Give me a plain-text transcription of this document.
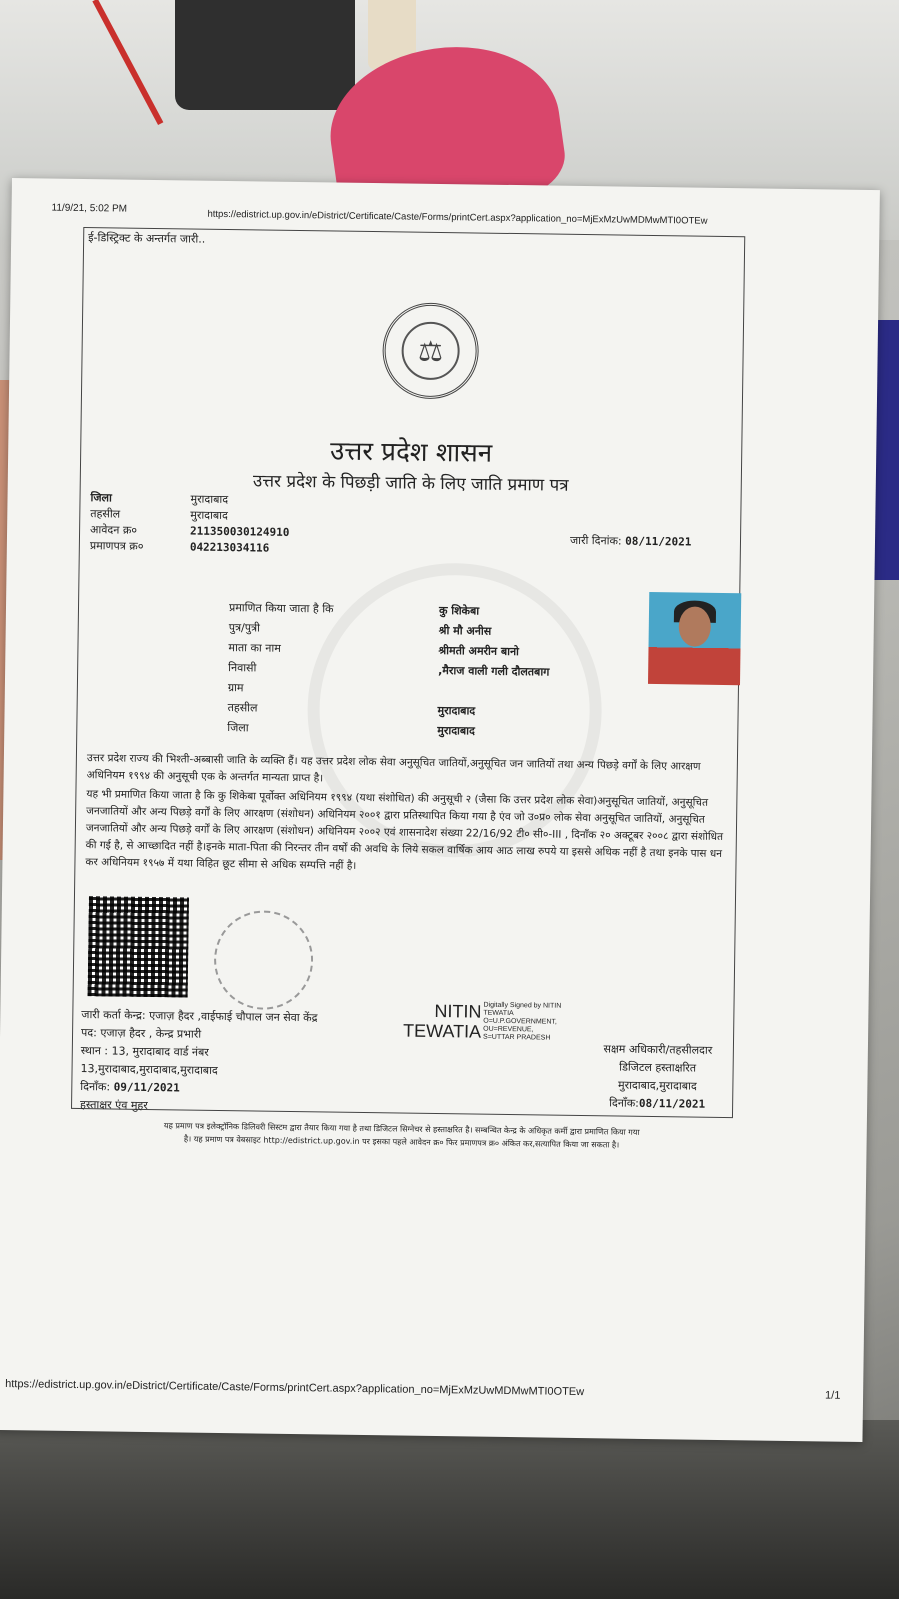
11/9/21, 5:02 PM
https://edistrict.up.gov.in/eDistrict/Certificate/Caste/Forms/printCert.aspx?application_no=MjExMzUwMDMwMTI0OTEw
ई-डिस्ट्रिक्ट के अन्तर्गत जारी..
⚖
उत्तर प्रदेश शासन
उत्तर प्रदेश के पिछड़ी जाति के लिए जाति प्रमाण पत्र
जिला	मुरादाबाद
तहसील	मुरादाबाद
आवेदन क्र०	211350030124910
प्रमाणपत्र क्र०	042213034116	जारी दिनांक: 08/11/2021
प्रमाणित किया जाता है कि	कु शिकेबा
पुत्र/पुत्री	श्री मौ अनीस
माता का नाम	श्रीमती अमरीन बानो
निवासी	,मैराज वाली गली दौलतबाग
ग्राम
तहसील	मुरादाबाद
जिला	मुरादाबाद

उत्तर प्रदेश राज्य की भिश्ती-अब्बासी जाति के व्यक्ति हैं। यह उत्तर प्रदेश लोक सेवा अनुसूचित जातियों,अनुसूचित जन जातियों तथा अन्य पिछड़े वर्गों के लिए आरक्षण अधिनियम १९९४ की अनुसूची एक के अन्तर्गत मान्यता प्राप्त है।

यह भी प्रमाणित किया जाता है कि कु शिकेबा पूर्वोक्त अधिनियम १९९४ (यथा संशोधित) की अनुसूची २ (जैसा कि उत्तर प्रदेश लोक सेवा)अनुसूचित जातियों, अनुसूचित जनजातियों और अन्य पिछड़े वर्गों के लिए आरक्षण (संशोधन) अधिनियम २००१ द्वारा प्रतिस्थापित किया गया है एंव जो उ०प्र० लोक सेवा अनुसूचित जातियों, अनुसूचित जनजातियों और अन्य पिछड़े वर्गों के लिए आरक्षण (संशोधन) अधिनियम २००२ एवं शासनादेश संख्या 22/16/92 टी० सी०-III , दिनाँक २० अक्टूबर २००८ द्वारा संशोधित की गई है, से आच्छादित नहीं है।इनके माता-पिता की निरन्तर तीन वर्षों की अवधि के लिये सकल वार्षिक आय आठ लाख रुपये या इससे अधिक नहीं है तथा इनके पास धन कर अधिनियम १९५७ में यथा विहित छूट सीमा से अधिक सम्पत्ति नहीं है।

जारी कर्ता केन्द्र: एजाज़ हैदर ,वाईफाई चौपाल जन सेवा केंद्र
पद: एजाज़ हैदर , केन्द्र प्रभारी
स्थान : 13, मुरादाबाद वार्ड नंबर
13,मुरादाबाद,मुरादाबाद,मुरादाबाद
दिनाँक: 09/11/2021
हस्ताक्षर एंव मुहर
NITIN
TEWATIA
Digitally Signed by NITIN
TEWATIA
O=U.P.GOVERNMENT,
OU=REVENUE,
S=UTTAR PRADESH
सक्षम अधिकारी/तहसीलदार
डिजिटल हस्ताक्षरित
मुरादाबाद,मुरादाबाद
दिनाँक:08/11/2021
यह प्रमाण पत्र इलेक्ट्रॉनिक डिलिवरी सिस्टम द्वारा तैयार किया गया है तथा डिजिटल सिग्नेचर से हस्ताक्षरित है। सम्बन्धित केन्द्र के अधिकृत कर्मी द्वारा प्रमाणित किया गया
है। यह प्रमाण पत्र वेबसाइट http://edistrict.up.gov.in पर इसका पहले आवेदन क्र० फिर प्रमाणपत्र क्र० अंकित कर,सत्यापित किया जा सकता है।
https://edistrict.up.gov.in/eDistrict/Certificate/Caste/Forms/printCert.aspx?application_no=MjExMzUwMDMwMTI0OTEw	1/1
